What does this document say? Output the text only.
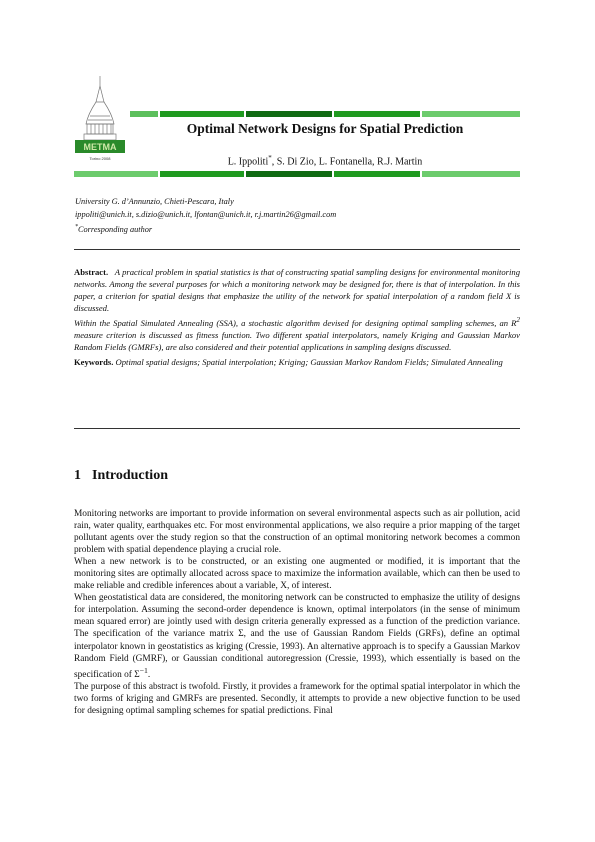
METMA
Torino 2008
Optimal Network Designs for Spatial Prediction
L. Ippoliti*, S. Di Zio, L. Fontanella, R.J. Martin
University G. d’Annunzio, Chieti-Pescara, Italy
ippoliti@unich.it, s.dizio@unich.it, lfontan@unich.it, r.j.martin26@gmail.com
*Corresponding author

Abstract. A practical problem in spatial statistics is that of constructing spatial sampling designs for environmental monitoring networks. Among the several purposes for which a monitoring network may be designed for, there is that of interpolation. In this paper, a criterion for spatial designs that emphasize the utility of the network for spatial interpolation of a random field X is discussed.

Within the Spatial Simulated Annealing (SSA), a stochastic algorithm devised for designing optimal sampling schemes, an $R^2$ measure criterion is discussed as fitness function. Two different spatial interpolators, namely Kriging and Gaussian Markov Random Fields (GMRFs), are also considered and their potential applications in sampling designs discussed.

Keywords. Optimal spatial designs; Spatial interpolation; Kriging; Gaussian Markov Random Fields; Simulated Annealing
1 Introduction

Monitoring networks are important to provide information on several environmental aspects such as air pollution, acid rain, water quality, earthquakes etc. For most environmental applications, we also require a prior mapping of the target pollutant agents over the study region so that the construction of an optimal monitoring network becomes a common problem with spatial dependence playing a crucial role.

When a new network is to be constructed, or an existing one augmented or modified, it is important that the monitoring sites are optimally allocated across space to maximize the information available, which can then be used to make reliable and credible inferences about a variable, X, of interest.

When geostatistical data are considered, the monitoring network can be constructed to emphasize the utility of designs for interpolation. Assuming the second-order dependence is known, optimal interpolators (in the sense of minimum mean squared error) are jointly used with design criteria generally expressed as a function of the prediction variance. The specification of the variance matrix Σ, and the use of Gaussian Random Fields (GRFs), define an optimal interpolator known in geostatistics as kriging (Cressie, 1993). An alternative approach is to specify a Gaussian Markov Random Field (GMRF), or Gaussian conditional autoregression (Cressie, 1993), which essentially is based on the specification of $\Sigma^{-1}$.

The purpose of this abstract is twofold. Firstly, it provides a framework for the optimal spatial interpolator in which the two forms of kriging and GMRFs are presented. Secondly, it attempts to provide a new objective function to be used for designing optimal sampling schemes for spatial predictions. Final
